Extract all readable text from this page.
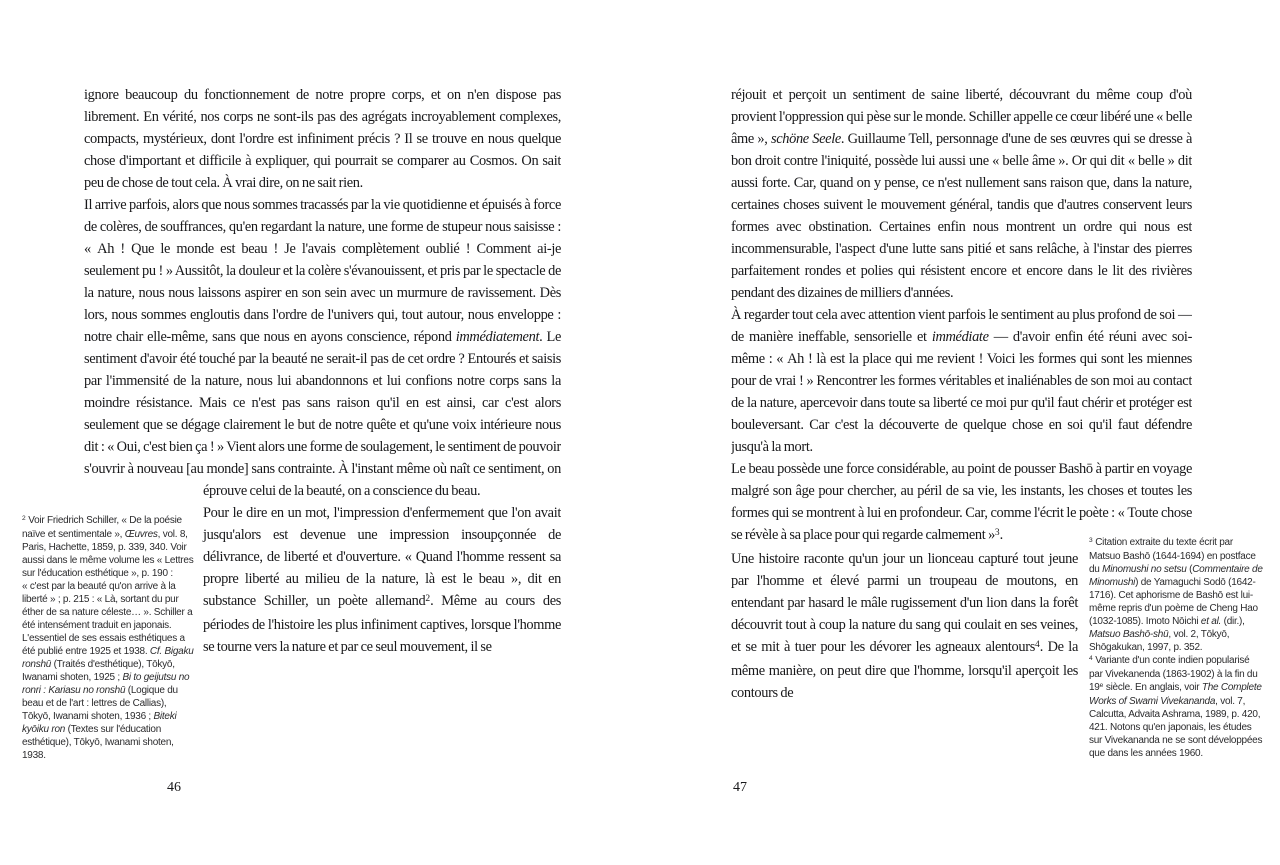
ignore beaucoup du fonctionnement de notre propre corps, et on n'en dispose pas librement. En vérité, nos corps ne sont-ils pas des agrégats incroyablement complexes, compacts, mystérieux, dont l'ordre est infiniment précis ? Il se trouve en nous quelque chose d'important et difficile à expliquer, qui pourrait se comparer au Cosmos. On sait peu de chose de tout cela. À vrai dire, on ne sait rien.

Il arrive parfois, alors que nous sommes tracassés par la vie quotidienne et épuisés à force de colères, de souffrances, qu'en regardant la nature, une forme de stupeur nous saisisse : « Ah ! Que le monde est beau ! Je l'avais complètement oublié ! Comment ai-je seulement pu ! » Aussitôt, la douleur et la colère s'évanouissent, et pris par le spectacle de la nature, nous nous laissons aspirer en son sein avec un murmure de ravissement. Dès lors, nous sommes engloutis dans l'ordre de l'univers qui, tout autour, nous enveloppe : notre chair elle-même, sans que nous en ayons conscience, répond immédiatement. Le sentiment d'avoir été touché par la beauté ne serait-il pas de cet ordre ? Entourés et saisis par l'immensité de la nature, nous lui abandonnons et lui confions notre corps sans la moindre résistance. Mais ce n'est pas sans raison qu'il en est ainsi, car c'est alors seulement que se dégage clairement le but de notre quête et qu'une voix intérieure nous dit : « Oui, c'est bien ça ! » Vient alors une forme de soulagement, le sentiment de pouvoir s'ouvrir à nouveau [au monde] sans contrainte. À l'instant même où naît ce sentiment, on éprouve celui de la beauté, on a conscience du beau.

Pour le dire en un mot, l'impression d'enfermement que l'on avait jusqu'alors est devenue une impression insoupçonnée de délivrance, de liberté et d'ouverture. « Quand l'homme ressent sa propre liberté au milieu de la nature, là est le beau », dit en substance Schiller, un poète allemand$^2$. Même au cours des périodes de l'histoire les plus infiniment captives, lorsque l'homme se tourne vers la nature et par ce seul mouvement, il se

$^2$ Voir Friedrich Schiller, « De la poésie naïve et sentimentale », Œuvres, vol. 8, Paris, Hachette, 1859, p. 339, 340. Voir aussi dans le même volume les « Lettres sur l'éducation esthétique », p. 190 : « c'est par la beauté qu'on arrive à la liberté » ; p. 215 : « Là, sortant du pur éther de sa nature céleste… ». Schiller a été intensément traduit en japonais. L'essentiel de ses essais esthétiques a été publié entre 1925 et 1938. Cf. Bigaku ronshū (Traités d'esthétique), Tōkyō, Iwanami shoten, 1925 ; Bi to geijutsu no ronri : Kariasu no ronshū (Logique du beau et de l'art : lettres de Callias), Tōkyō, Iwanami shoten, 1936 ; Biteki kyōiku ron (Textes sur l'éducation esthétique), Tōkyō, Iwanami shoten, 1938.

46

réjouit et perçoit un sentiment de saine liberté, découvrant du même coup d'où provient l'oppression qui pèse sur le monde. Schiller appelle ce cœur libéré une « belle âme », schöne Seele. Guillaume Tell, personnage d'une de ses œuvres qui se dresse à bon droit contre l'iniquité, possède lui aussi une « belle âme ». Or qui dit « belle » dit aussi forte. Car, quand on y pense, ce n'est nullement sans raison que, dans la nature, certaines choses suivent le mouvement général, tandis que d'autres conservent leurs formes avec obstination. Certaines enfin nous montrent un ordre qui nous est incommensurable, l'aspect d'une lutte sans pitié et sans relâche, à l'instar des pierres parfaitement rondes et polies qui résistent encore et encore dans le lit des rivières pendant des dizaines de milliers d'années.

À regarder tout cela avec attention vient parfois le sentiment au plus profond de soi — de manière ineffable, sensorielle et immédiate — d'avoir enfin été réuni avec soi-même : « Ah ! là est la place qui me revient ! Voici les formes qui sont les miennes pour de vrai ! » Rencontrer les formes véritables et inaliénables de son moi au contact de la nature, apercevoir dans toute sa liberté ce moi pur qu'il faut chérir et protéger est bouleversant. Car c'est la découverte de quelque chose en soi qu'il faut défendre jusqu'à la mort.

Le beau possède une force considérable, au point de pousser Bashō à partir en voyage malgré son âge pour chercher, au péril de sa vie, les instants, les choses et toutes les formes qui se montrent à lui en profondeur. Car, comme l'écrit le poète : « Toute chose se révèle à sa place pour qui regarde calmement »$^3$.

Une histoire raconte qu'un jour un lionceau capturé tout jeune par l'homme et élevé parmi un troupeau de moutons, en entendant par hasard le mâle rugissement d'un lion dans la forêt découvrit tout à coup la nature du sang qui coulait en ses veines, et se mit à tuer pour les dévorer les agneaux alentours$^4$. De la même manière, on peut dire que l'homme, lorsqu'il aperçoit les contours de

$^3$ Citation extraite du texte écrit par Matsuo Bashō (1644-1694) en postface du Minomushi no setsu (Commentaire de Minomushi) de Yamaguchi Sodō (1642-1716). Cet aphorisme de Bashō est lui-même repris d'un poème de Cheng Hao (1032-1085). Imoto Nōichi et al. (dir.), Matsuo Bashō-shū, vol. 2, Tōkyō, Shōgakukan, 1997, p. 352.

$^4$ Variante d'un conte indien popularisé par Vivekanenda (1863-1902) à la fin du 19e siècle. En anglais, voir The Complete Works of Swami Vivekananda, vol. 7, Calcutta, Advaita Ashrama, 1989, p. 420, 421. Notons qu'en japonais, les études sur Vivekananda ne se sont développées que dans les années 1960.

47
